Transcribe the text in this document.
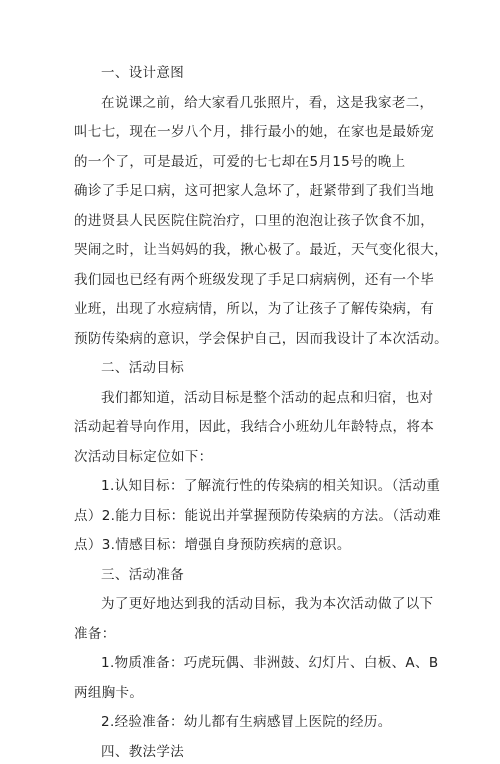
一、设计意图
在说课之前，给大家看几张照片，看，这是我家老二，
叫七七，现在一岁八个月，排行最小的她，在家也是最娇宠
的一个了，可是最近，可爱的七七却在5月15号的晚上
确诊了手足口病，这可把家人急坏了，赶紧带到了我们当地
的进贤县人民医院住院治疗，口里的泡泡让孩子饮食不加，
哭闹之时，让当妈妈的我，揪心极了。最近，天气变化很大，
我们园也已经有两个班级发现了手足口病病例，还有一个毕
业班，出现了水痘病情，所以，为了让孩子了解传染病，有
预防传染病的意识，学会保护自己，因而我设计了本次活动。
二、活动目标
我们都知道，活动目标是整个活动的起点和归宿，也对
活动起着导向作用，因此，我结合小班幼儿年龄特点，将本
次活动目标定位如下：
1.认知目标：了解流行性的传染病的相关知识。（活动重
点）2.能力目标：能说出并掌握预防传染病的方法。（活动难
点）3.情感目标：增强自身预防疾病的意识。
三、活动准备
为了更好地达到我的活动目标，我为本次活动做了以下
准备：
1.物质准备：巧虎玩偶、非洲鼓、幻灯片、白板、A、B
两组胸卡。
2.经验准备：幼儿都有生病感冒上医院的经历。
四、教法学法
